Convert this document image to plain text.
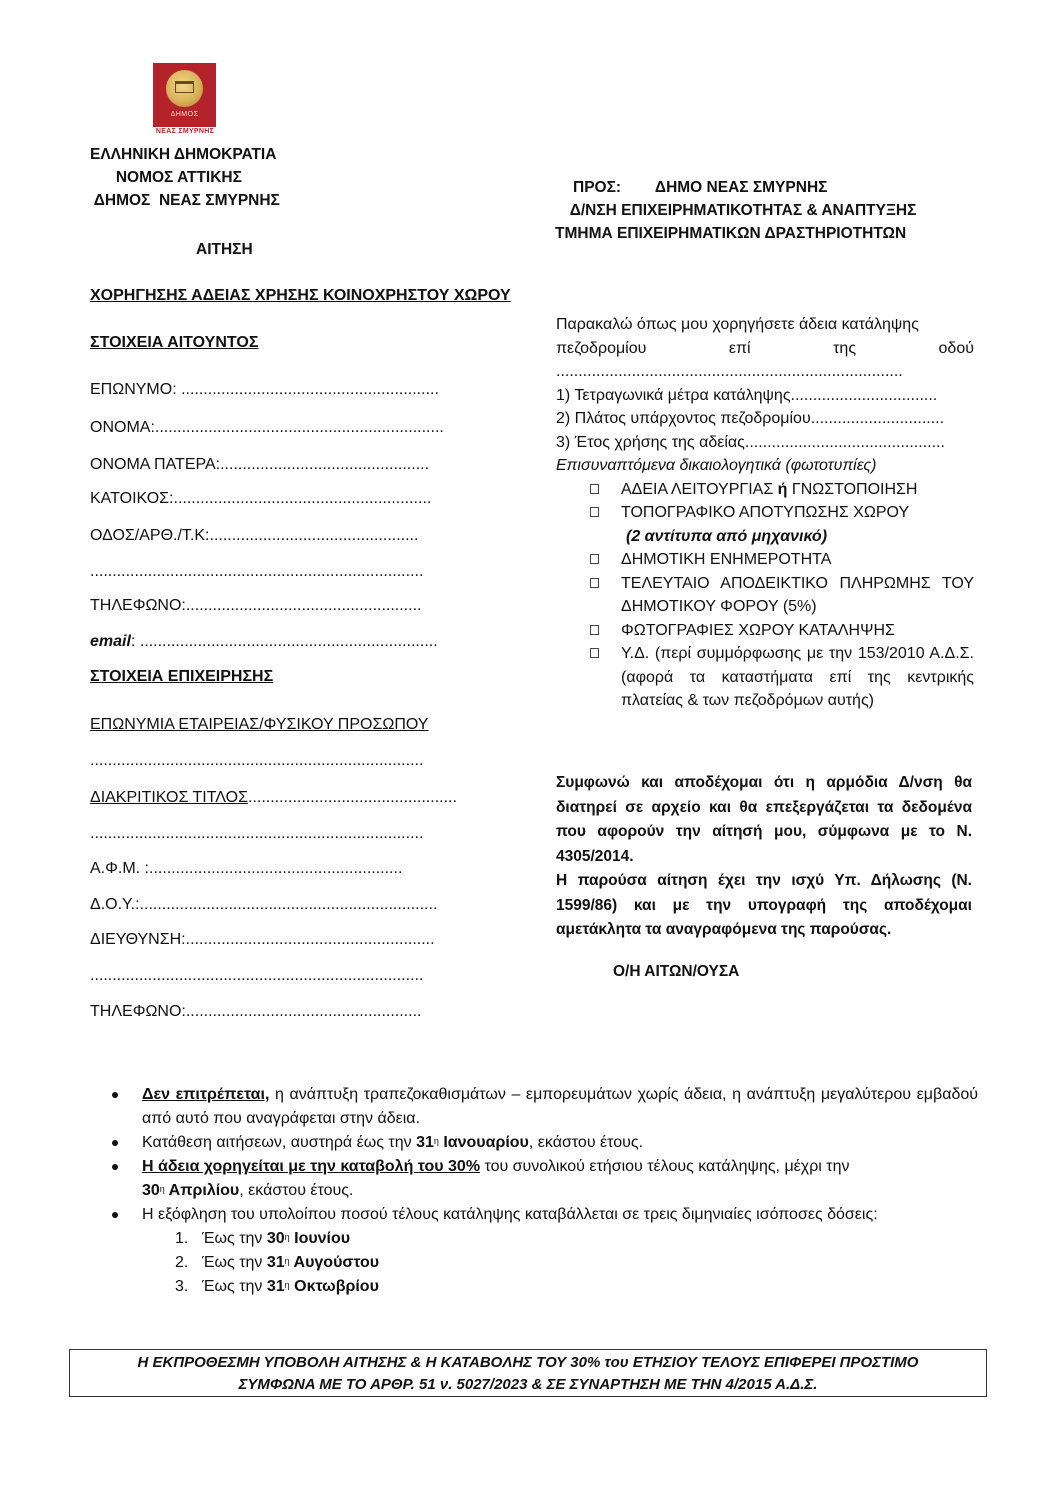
ΔΗΜΟΣ
ΝΕΑΣ ΣΜΥΡΝΗΣ
ΕΛΛΗΝΙΚΗ ΔΗΜΟΚΡΑΤΙΑ
ΝΟΜΟΣ ΑΤΤΙΚΗΣ
ΔΗΜΟΣ  ΝΕΑΣ ΣΜΥΡΝΗΣ
ΑΙΤΗΣΗ
ΠΡΟΣ:        ΔΗΜΟ ΝΕΑΣ ΣΜΥΡΝΗΣ
Δ/ΝΣΗ ΕΠΙΧΕΙΡΗΜΑΤΙΚΟΤΗΤΑΣ & ΑΝΑΠΤΥΞΗΣ
ΤΜΗΜΑ ΕΠΙΧΕΙΡΗΜΑΤΙΚΩΝ ΔΡΑΣΤΗΡΙΟΤΗΤΩΝ
ΧΟΡΗΓΗΣΗΣ ΑΔΕΙΑΣ ΧΡΗΣΗΣ ΚΟΙΝΟΧΡΗΣΤΟΥ ΧΩΡΟΥ
ΣΤΟΙΧΕΙΑ ΑΙΤΟΥΝΤΟΣ
ΕΠΩΝΥΜΟ: ..........................................................
ΟΝΟΜΑ:.................................................................
ΟΝΟΜΑ ΠΑΤΕΡΑ:...............................................
ΚΑΤΟΙΚΟΣ:..........................................................
ΟΔΟΣ/ΑΡΘ./Τ.Κ:...............................................
...........................................................................
ΤΗΛΕΦΩΝΟ:.....................................................
email: ...................................................................
ΣΤΟΙΧΕΙΑ ΕΠΙΧΕΙΡΗΣΗΣ
ΕΠΩΝΥΜΙΑ ΕΤΑΙΡΕΙΑΣ/ΦΥΣΙΚΟΥ ΠΡΟΣΩΠΟΥ
...........................................................................
ΔΙΑΚΡΙΤΙΚΟΣ ΤΙΤΛΟΣ...............................................
...........................................................................
Α.Φ.Μ. :.........................................................
Δ.Ο.Υ.:...................................................................
ΔΙΕΥΘΥΝΣΗ:........................................................
...........................................................................
ΤΗΛΕΦΩΝΟ:.....................................................
Παρακαλώ όπως μου χορηγήσετε άδεια κατάληψης
πεζοδρομίου	επί	της	οδού
..............................................................................
1) Τετραγωνικά μέτρα κατάληψης.................................
2) Πλάτος υπάρχοντος πεζοδρομίου..............................
3) Έτος χρήσης της αδείας.............................................
Επισυναπτόμενα δικαιολογητικά (φωτοτυπίες)
ΑΔΕΙΑ ΛΕΙΤΟΥΡΓΙΑΣ ή ΓΝΩΣΤΟΠΟΙΗΣΗ
ΤΟΠΟΓΡΑΦΙΚΟ ΑΠΟΤΥΠΩΣΗΣ ΧΩΡΟΥ
(2 αντίτυπα από μηχανικό)
ΔΗΜΟΤΙΚΗ ΕΝΗΜΕΡΟΤΗΤΑ
ΤΕΛΕΥΤΑΙΟ ΑΠΟΔΕΙΚΤΙΚΟ ΠΛΗΡΩΜΗΣ ΤΟΥ ΔΗΜΟΤΙΚΟΥ ΦΟΡΟΥ (5%)
ΦΩΤΟΓΡΑΦΙΕΣ ΧΩΡΟΥ ΚΑΤΑΛΗΨΗΣ
Υ.Δ. (περί συμμόρφωσης με την 153/2010 Α.Δ.Σ. (αφορά τα καταστήματα επί της κεντρικής πλατείας & των πεζοδρόμων αυτής)

Συμφωνώ και αποδέχομαι ότι η αρμόδια Δ/νση θα διατηρεί σε αρχείο και θα επεξεργάζεται τα δεδομένα που αφορούν την αίτησή μου, σύμφωνα με το Ν. 4305/2014.

Η παρούσα αίτηση έχει την ισχύ Υπ. Δήλωσης (Ν. 1599/86) και με την υπογραφή της αποδέχομαι αμετάκλητα τα αναγραφόμενα της παρούσας.

Ο/Η ΑΙΤΩΝ/ΟΥΣΑ
Δεν επιτρέπεται, η ανάπτυξη τραπεζοκαθισμάτων – εμπορευμάτων χωρίς άδεια, η ανάπτυξη μεγαλύτερου εμβαδού από αυτό που αναγράφεται στην άδεια.
Κατάθεση αιτήσεων, αυστηρά έως την $31^\eta$ Ιανουαρίου, εκάστου έτους.
Η άδεια χορηγείται με την καταβολή του 30% του συνολικού ετήσιου τέλους κατάληψης, μέχρι την
$30^\eta$ Απριλίου, εκάστου έτους.
Η εξόφληση του υπολοίπου ποσού τέλους κατάληψης καταβάλλεται σε τρεις διμηνιαίες ισόποσες δόσεις:
1. Έως την $30^\eta$ Ιουνίου
2. Έως την $31^\eta$ Αυγούστου
3. Έως την $31^\eta$ Οκτωβρίου
Η ΕΚΠΡΟΘΕΣΜΗ ΥΠΟΒΟΛΗ ΑΙΤΗΣΗΣ & Η ΚΑΤΑΒΟΛΗΣ ΤΟΥ 30% του ΕΤΗΣΙΟΥ ΤΕΛΟΥΣ ΕΠΙΦΕΡΕΙ ΠΡΟΣΤΙΜΟ
ΣΥΜΦΩΝΑ ΜΕ ΤΟ ΑΡΘΡ. 51 ν. 5027/2023 & ΣΕ ΣΥΝΑΡΤΗΣΗ ΜΕ ΤΗΝ 4/2015 Α.Δ.Σ.
